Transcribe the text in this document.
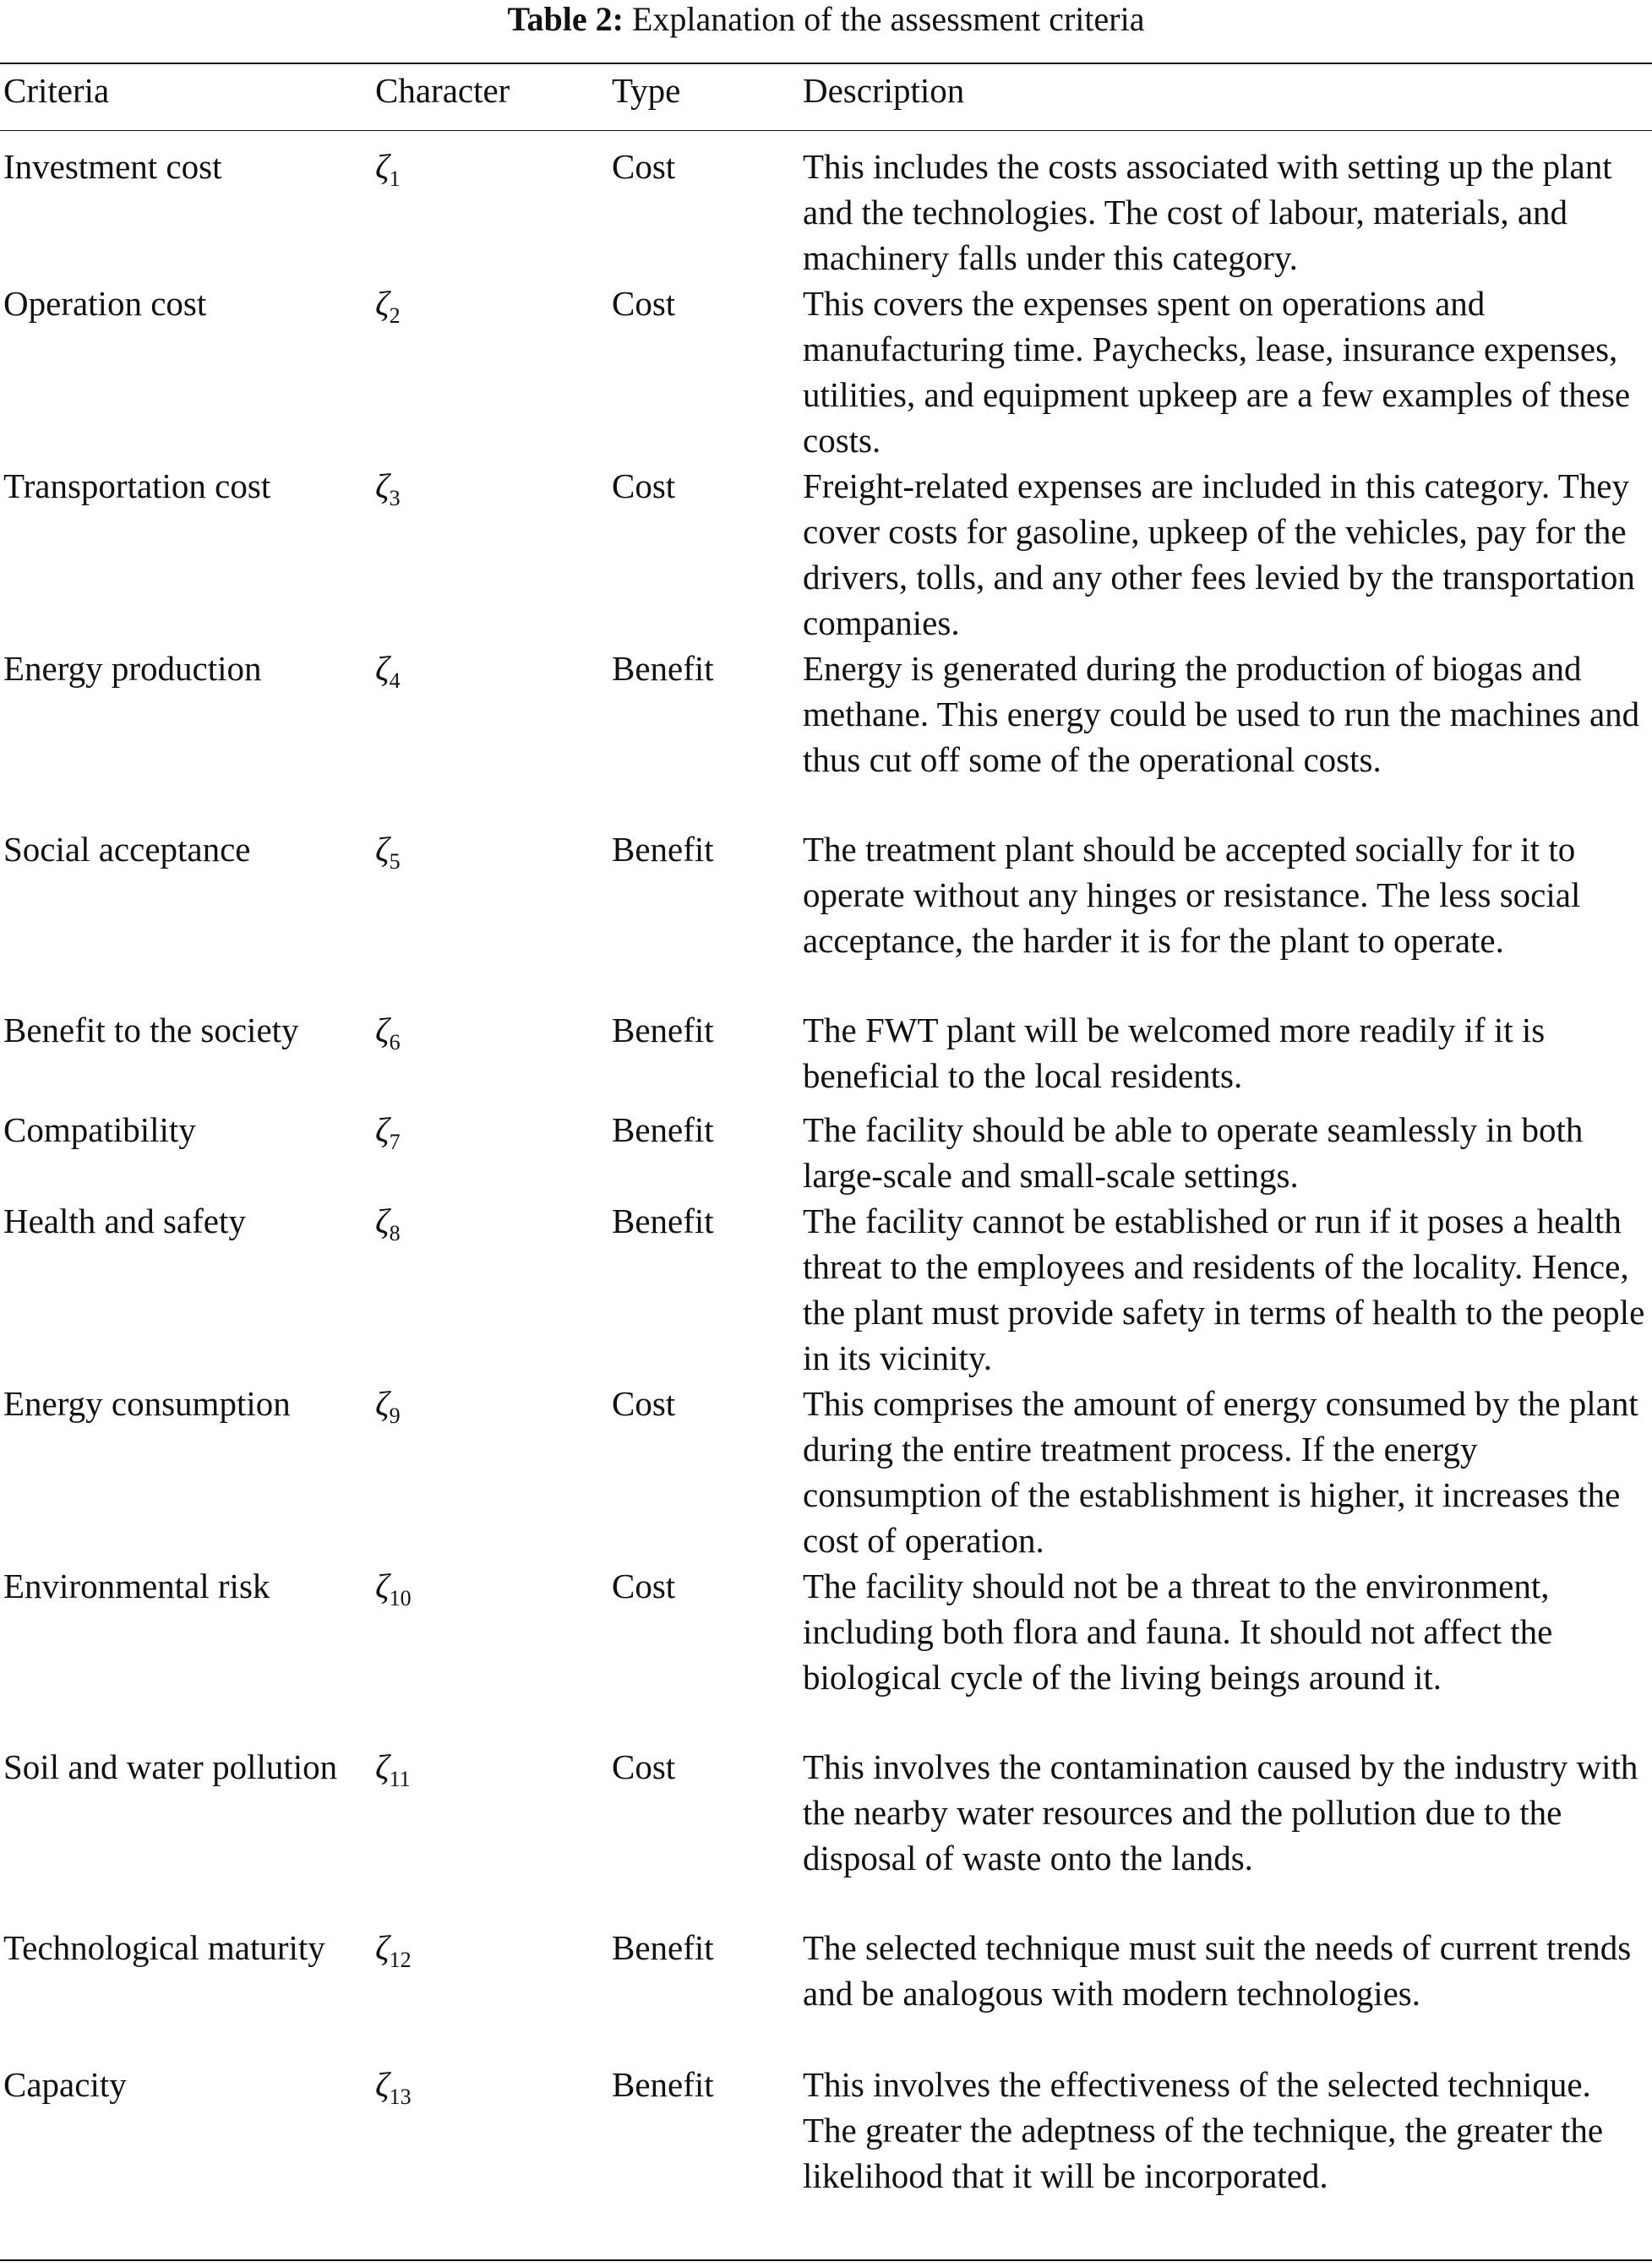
Table 2: Explanation of the assessment criteria
Criteria	Character	Type	Description
Investment cost	$\zeta_1$	Cost	This includes the costs associated with setting up the plant and the technologies. The cost of labour, materials, and machinery falls under this category.
Operation cost	$\zeta_2$	Cost	This covers the expenses spent on operations and manufacturing time. Paychecks, lease, insurance expenses, utilities, and equipment upkeep are a few examples of these costs.
Transportation cost	$\zeta_3$	Cost	Freight-related expenses are included in this category. They cover costs for gasoline, upkeep of the vehicles, pay for the drivers, tolls, and any other fees levied by the transportation companies.
Energy production	$\zeta_4$	Benefit	Energy is generated during the production of biogas and methane. This energy could be used to run the machines and thus cut off some of the operational costs.
Social acceptance	$\zeta_5$	Benefit	The treatment plant should be accepted socially for it to operate without any hinges or resistance. The less social acceptance, the harder it is for the plant to operate.
Benefit to the society	$\zeta_6$	Benefit	The FWT plant will be welcomed more readily if it is beneficial to the local residents.
Compatibility	$\zeta_7$	Benefit	The facility should be able to operate seamlessly in both large-scale and small-scale settings.
Health and safety	$\zeta_8$	Benefit	The facility cannot be established or run if it poses a health threat to the employees and residents of the locality. Hence, the plant must provide safety in terms of health to the people in its vicinity.
Energy consumption	$\zeta_9$	Cost	This comprises the amount of energy consumed by the plant during the entire treatment process. If the energy consumption of the establishment is higher, it increases the cost of operation.
Environmental risk	$\zeta_{10}$	Cost	The facility should not be a threat to the environment, including both flora and fauna. It should not affect the biological cycle of the living beings around it.
Soil and water pollution	$\zeta_{11}$	Cost	This involves the contamination caused by the industry with the nearby water resources and the pollution due to the disposal of waste onto the lands.
Technological maturity	$\zeta_{12}$	Benefit	The selected technique must suit the needs of current trends and be analogous with modern technologies.
Capacity	$\zeta_{13}$	Benefit	This involves the effectiveness of the selected technique. The greater the adeptness of the technique, the greater the likelihood that it will be incorporated.
